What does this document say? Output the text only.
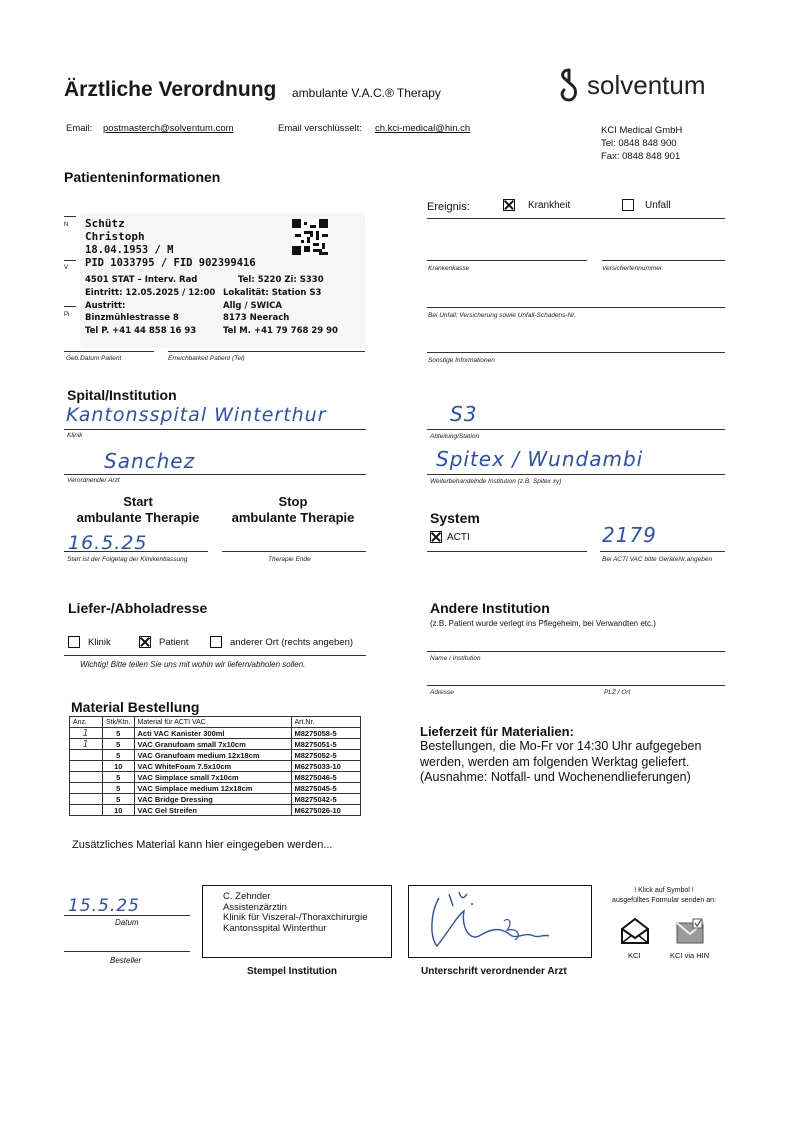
Ärztliche Verordnung ambulante V.A.C.® Therapy	solventum
Email: postmasterch@solventum.com	Email verschlüsselt: ch.kci-medical@hin.ch	KCI Medical GmbH
Tel: 0848 848 900
Fax: 0848 848 901
Patienteninformationen
N
V
Pi
Schütz
Christoph
18.04.1953 / M
PID 1033795 / FID 902399416
4501 STAT – Interv. Rad	Tel: 5220 Zi: S330
Eintritt: 12.05.2025 / 12:00 Lokalität: Station S3
Austritt:	Allg / SWICA
Binzmühlestrasse 8	8173 Neerach
Tel P. +41 44 858 16 93	Tel M. +41 79 768 29 90
Geb.Datum Patient	Erreichbarkeit Patient (Tel)
Ereignis:	Krankheit	Unfall
Krankenkasse	Versichertennummer
Bei Unfall; Versicherung sowie Unfall-Schadens-Nr.
Sonstige Informationen
Spital/Institution
Kantonsspital Winterthur
Klinik
S3
Abteilung/Station
Sanchez
Verordnender Arzt
Spitex / Wundambi
Weiterbehandelnde Institution (z.B. Spitex xy)
Start
ambulante Therapie
Stop
ambulante Therapie
16.5.25
Start ist der Folgetag der Klinikentlassung	Therapie Ende
System
ACTI	2179
Bei ACTI VAC bitte GeräteNr.angeben
Liefer-/Abholadresse
Klinik	Patient	anderer Ort (rechts angeben)
Wichtig! Bitte teilen Sie uns mit wohin wir liefern/abholen sollen.
Andere Institution
(z.B. Patient wurde verlegt ins Pflegeheim, bei Verwandten etc.)
Name / Institution
Adresse	PLZ / Ort
Material Bestellung
Anz.	Stk/Ktn.	Material für ACTI VAC	Art.Nr.
1	5	Acti VAC Kanister 300ml	M8275058-5
1	5	VAC Granufoam small 7x10cm	M8275051-5
	5	VAC Granufoam medium 12x18cm	M8275052-5
	10	VAC WhiteFoam 7.5x10cm	M6275033-10
	5	VAC Simplace small 7x10cm	M8275046-5
	5	VAC Simplace medium 12x18cm	M8275045-5
	5	VAC Bridge Dressing	M8275042-5
	10	VAC Gel Streifen	M6275026-10
Zusätzliches Material kann hier eingegeben werden...
Lieferzeit für Materialien:
Bestellungen, die Mo-Fr vor 14:30 Uhr aufgegeben
werden, werden am folgenden Werktag geliefert.
(Ausnahme: Notfall- und Wochenendlieferungen)
15.5.25
Datum
Besteller
C. Zehnder
Assistenzärztin
Klinik für Viszeral-/Thoraxchirurgie
Kantonsspital Winterthur
Stempel Institution	Unterschrift verordnender Arzt
! Klick auf Symbol !
ausgefülltes Formular senden an:
KCI	KCI via HIN
